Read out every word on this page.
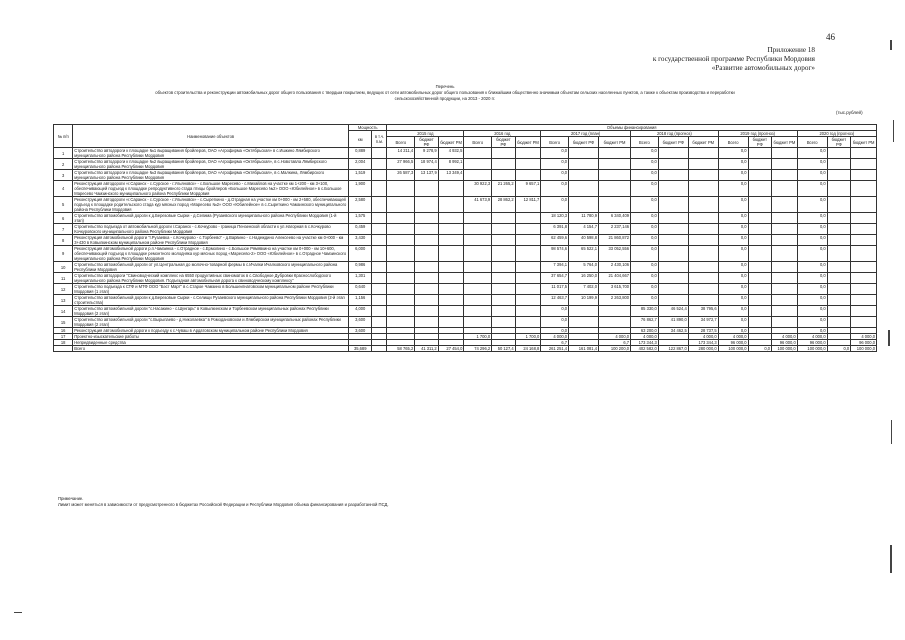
46
Приложение 18
к государственной программе Республики Мордовия
«Развитие автомобильных дорог»
Перечень
объектов строительства и реконструкции автомобильных дорог общего пользования с твердым покрытием, ведущих от сети автомобильных дорог общего пользования к ближайшим общественно значимым объектам сельских населенных пунктов, а также к объектам производства и переработки
сельскохозяйственной продукции, на 2013 - 2020 гг.
(тыс.рублей)
№ п/п	Наименование объектов	Мощность		Объемы финансирования																	
		км	в т.ч.
п.м.	2015 год			2016 год			2017 год (план)			2018 год (прогноз)			2019 год (прогноз)			2020 год (прогноз)		
				Всего	бюджет РФ	бюджет РМ	Всего	бюджет РФ	бюджет РМ	Всего	бюджет РФ	бюджет РМ	Всего	бюджет РФ	бюджет РМ	Всего	бюджет РФ	бюджет РМ	Всего	бюджет РФ	бюджет РМ
1	Строительство автодороги к площадке №1 выращивания бройлеров, ОАО «Агрофирма «Октябрьская» в с.Ишкино Лямбирского муниципального района Республики Мордовия	0,889		14 211,4	9 278,9	4 932,5				0,0			0,0			0,0			0,0		
2	Строительство автодороги к площадке №2 выращивания бройлеров, ОАО «Агрофирма «Октябрьская», в с.Новотавла Лямбирского муниципального района Республики Мордовия	2,004		27 966,5	18 974,4	8 992,1				0,0			0,0			0,0			0,0		
3	Строительство автодороги к площадке №3 выращивания бройлеров, ОАО «Агрофирма «Октябрьская», в с.Малкина, Лямбирского муниципального района Республики Мордовия	1,519		26 587,3	13 137,9	13 349,4				0,0			0,0			0,0			0,0		
4	Реконструкция автодороги «г.Саранск - с.Сурское - г.Ульяновск» - с.Большое Маресево - с.Михайлов на участке км 1+200 - км 3+100, обеспечивающей подъезд к площадке репродуктивного стада птицы бройлеров «Большое Маресево №2» ООО «Юбилейное» в с.Большое Маресево Чамзинского муниципального района Республики Мордовия	1,900					30 922,3	21 265,2	9 657,1	0,0			0,0			0,0			0,0		
5	Реконструкция автодороги «г.Саранск - с.Сурское - г.Ульяновск» - с.Сыреткино - д.Отрадная на участке км 0+000 - км 2+580, обеспечивающей подъезд к площадке родительского стада кур мясных пород «Маресево №2» ООО «Юбилейное» в с.Сыреткино Чамзинского муниципального района Республики Мордовия	2,580					41 673,9	28 862,2	12 811,7	0,0			0,0			0,0			0,0		
6	Строительство автомобильной дороги к д.Березовые Сырки - д.Селима (Рузаевского муниципального района Республики Мордовия (1-й этап)	1,575								18 120,3	11 780,9	6 340,409	0,0			0,0			0,0		
7	Строительство подъезда от автомобильной дороги г.Саранск - с.Кочкурово - граница Пензенской области к ул.Нагорная в с.Кочкурово Кочкуровского муниципального района Республики Мордовия	0,459								6 391,8	4 154,7	2 237,146	0,0			0,0			0,0		
8	Реконструкция автомобильной дороги "г.Рузаевка - с.Кочкурово - с.Торбеево" - д.Варвино - с.Надеждино Алексеево на участке км 0+000 - км 3+430 в Ковылкинском муниципальном районе Республики Мордовия	3,430								62 459,6	40 598,8	21 860,872	0,0			0,0			0,0		
9	Реконструкция автомобильной дороги р.п.Чамзинка - с.Отрадное - с.Ермолино - с.Большое Рямявкино на участке км 0+000 - км 10+600, обеспечивающей подъезд к площадке ремонтного молодняка кур мясных пород «Маресево-2» ООО «Юбилейное» в с.Отрадное Чамзинского муниципального района Республики Мордовия	6,000								98 574,6	65 522,1	33 052,556	0,0			0,0			0,0		
10	Строительство автомобильной дороги от ул.Центральная до молочно-товарной фермы в с.Ичалки Ичалковского муниципального района Республики Мордовия	0,986								7 394,1	5 764,0	2 430,106	0,0			0,0			0,0		
11	Строительство автодороги "Свиноводческий комплекс на 6550 продуктивных свиноматок в с.Свободное Дубровки Краснослободского муниципального района Республики Мордовия. Подъездная автомобильная дорога к свиноводческому комплексу"	1,301								37 654,7	16 250,0	21 404,667	0,0			0,0			0,0		
12	Строительство подъезда к СТФ и МТФ ООО "Бэст Март" в с.Старое Чамзино в Большеигнатовском муниципальном районе Республики Мордовия (1 этап)	0,640								11 017,5	7 402,0	3 615,700	0,0			0,0			0,0		
13	Строительство автомобильной дороги к д.Березовые Сырки - с.Селищи Рузаевского муниципального района Республики Мордовия (2-й этап строительства)	1,156								12 463,7	10 199,9	2 263,800	0,0			0,0			0,0		
14	Строительство автомобильной дороги "с.Насакино - с.Шунгарь" в Ковылкинском и Торбеевском муниципальных районах Республики Мордовия (2 этап)	4,000								0,0			85 330,0	46 524,4	38 795,6	0,0			0,0		
15	Строительство автомобильной дороги "с.Вырыпаево - д.Николаевка" в Ромодановском и Лямбирском муниципальных районах Республики Мордовия (2 этап)	3,600								0,0			76 862,7	41 890,0	34 972,7	0,0			0,0		
16	Реконструкция автомобильной дороги к подъезду к с.Чуваш в Ардатовском муниципальном районе Республики Мордовия	3,600								0,0			63 200,0	34 462,5	28 737,5	0,0			0,0		
17	Проектно-изыскательские работы						1 700,0		1 700,0	4 000,0		4 000,0	4 000,0		4 000,0	4 000,0		4 000,0	4 000,0		4 000,0
18	Непредвиденные средства									6,7		6,7	173 344,3		173 344,3	96 000,0		96 000,0	96 000,0		96 000,0
	Всего	35,689		58 765,2	41 311,2	27 454,0	74 296,2	50 127,4	24 168,8	261 251,4	161 081,4	100 200,0	402 582,0	122 867,0	280 000,0	100 000,0	0,0	100 000,0	100 000,0	0,0	100 000,0
Примечание.
Лимит может меняться в зависимости от предусмотренного в бюджетах Российской Федерации и Республики Мордовия объема финансирования и разработанной ПСД.
